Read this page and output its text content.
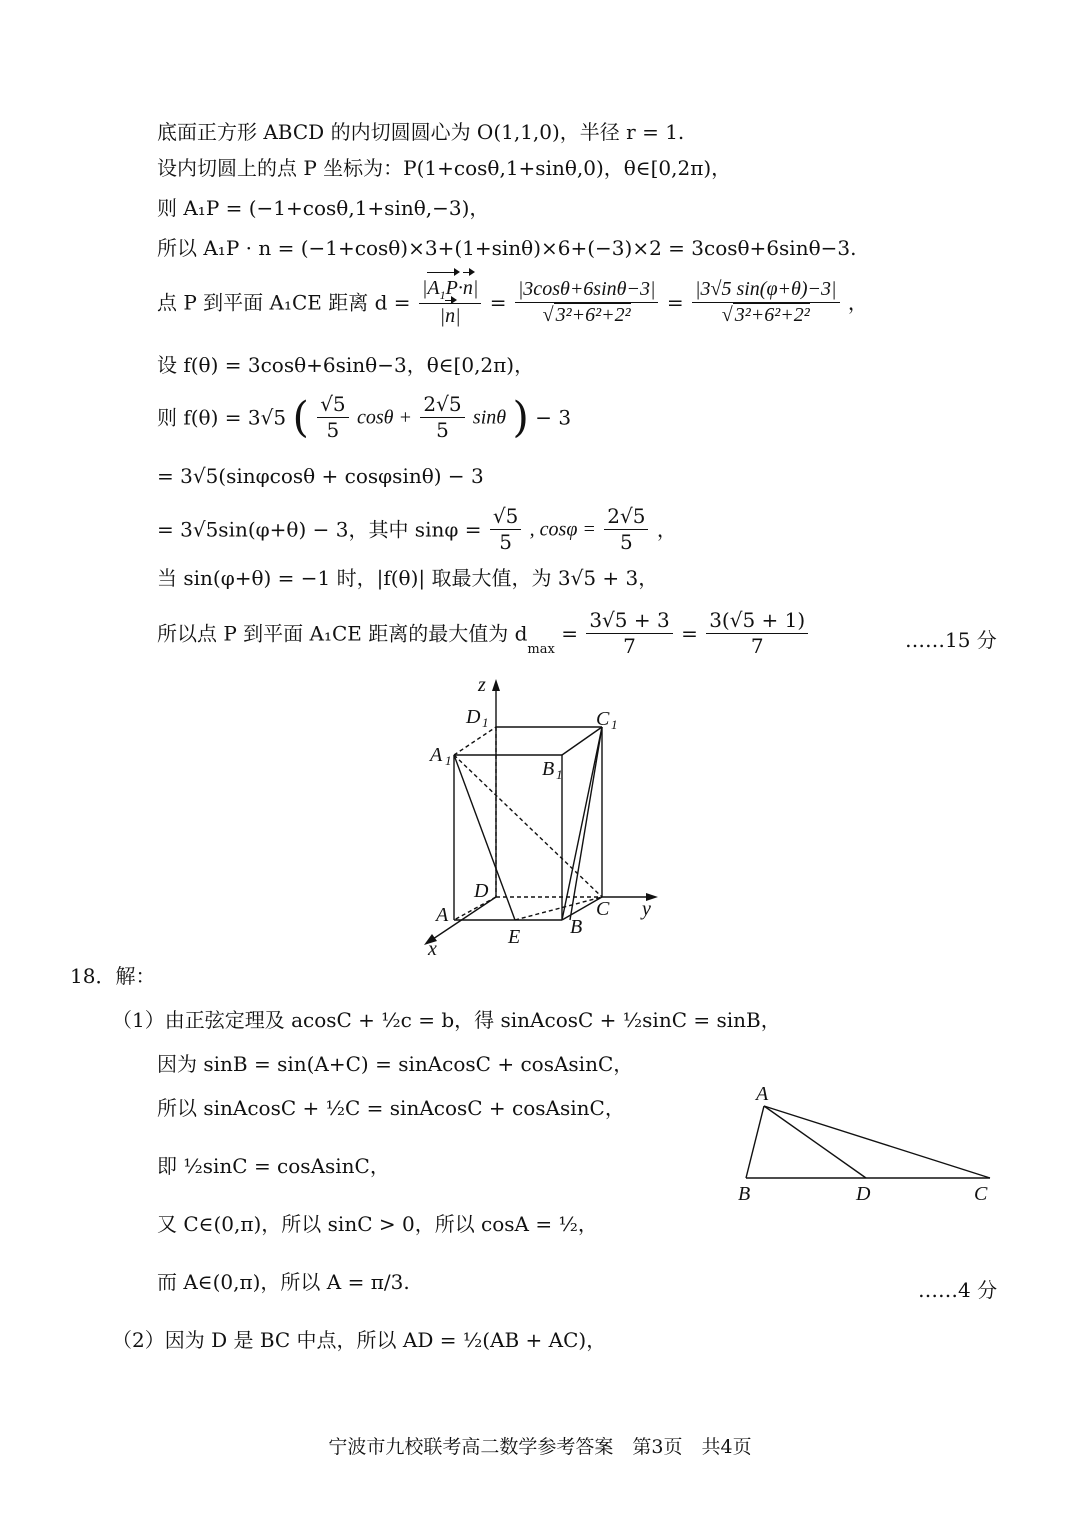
底面正方形 ABCD 的内切圆圆心为 O(1,1,0)，半径 r = 1.
设内切圆上的点 P 坐标为：P(1+cosθ,1+sinθ,0)，θ∈[0,2π)，
则 A₁P = (−1+cosθ,1+sinθ,−3)，
所以 A₁P · n = (−1+cosθ)×3+(1+sinθ)×6+(−3)×2 = 3cosθ+6sinθ−3.
点 P 到平面 A₁CE 距离 $d = \frac{|A_1P\cdot n|}{|n|} = \frac{|3\cos\theta+6\sin\theta-3|}{\text{√ 3²+6²+2²}} = \frac{|3√5 \sin(\varphi+\theta)-3|}{\text{√ 3²+6²+2²}}$ ，
设 f(θ) = 3cosθ+6sinθ−3，θ∈[0,2π)，
则 f(θ) = 3√5 ( $\frac{√5}{5}$ $\cos\theta + \frac{2√5}{5}$ sinθ ) − 3
= 3√5(sinφcosθ + cosφsinθ) − 3
= 3√5sin(φ+θ) − 3，其中 $\sin\varphi = \frac{√5}{5}$ , $\cos\varphi = \frac{2√5}{5}$ ，
当 sin(φ+θ) = −1 时，|f(θ)| 取最大值，为 3√5 + 3，
所以点 P 到平面 A₁CE 距离的最大值为 $d_{max} = \frac{3√5 + 3}{7} = \frac{3(√5 + 1)}{7}$	……15 分
z
y
x
D 1	C 1
A 1	B 1
D
A	C
B
E
18．解：
（1）由正弦定理及 acosC + ½c = b，得 sinAcosC + ½sinC = sinB，
因为 sinB = sin(A+C) = sinAcosC + cosAsinC，
所以 sinAcosC + ½C = sinAcosC + cosAsinC，
即 ½sinC = cosAsinC，
又 C∈(0,π)，所以 sinC > 0，所以 cosA = ½，
而 A∈(0,π)，所以 A = π/3.	……4 分
（2）因为 D 是 BC 中点，所以 AD = ½(AB + AC)，
A
B	D	C
宁波市九校联考高二数学参考答案　第3页　共4页
